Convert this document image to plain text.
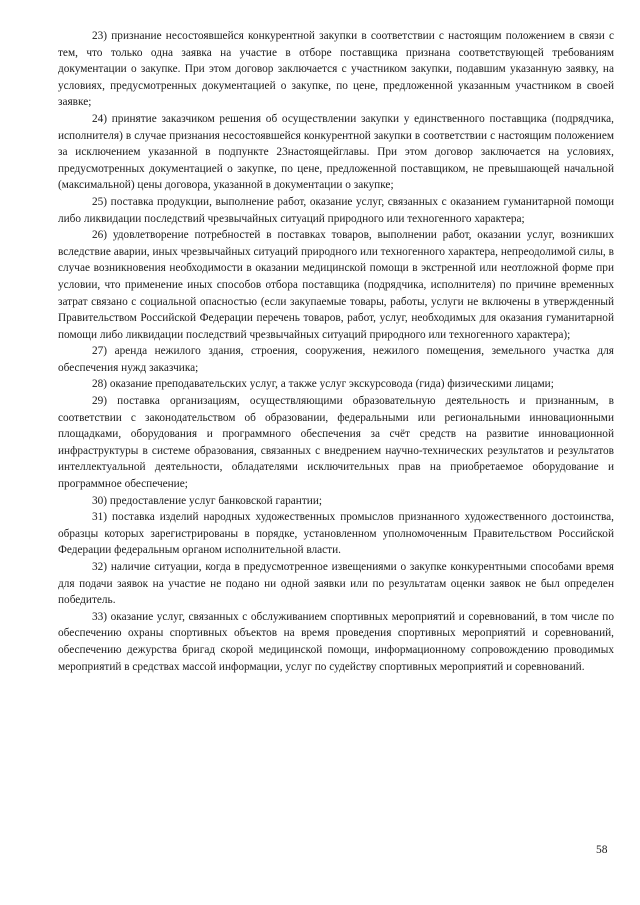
23) признание несостоявшейся конкурентной закупки в соответствии с настоящим положением в связи с тем, что только одна заявка на участие в отборе поставщика признана соответствующей требованиям документации о закупке. При этом договор заключается с участником закупки, подавшим указанную заявку, на условиях, предусмотренных документацией о закупке, по цене, предложенной указанным участником в своей заявке;

24) принятие заказчиком решения об осуществлении закупки у единственного поставщика (подрядчика, исполнителя) в случае признания несостоявшейся конкурентной закупки в соответствии с настоящим положением за исключением указанной в подпункте 23настоящейглавы. При этом договор заключается на условиях, предусмотренных документацией о закупке, по цене, предложенной поставщиком, не превышающей начальной (максимальной) цены договора, указанной в документации о закупке;

25) поставка продукции, выполнение работ, оказание услуг, связанных с оказанием гуманитарной помощи либо ликвидации последствий чрезвычайных ситуаций природного или техногенного характера;

26) удовлетворение потребностей в поставках товаров, выполнении работ, оказании услуг, возникших вследствие аварии, иных чрезвычайных ситуаций природного или техногенного характера, непреодолимой силы, в случае возникновения необходимости в оказании медицинской помощи в экстренной или неотложной форме при условии, что применение иных способов отбора поставщика (подрядчика, исполнителя) по причине временных затрат связано с социальной опасностью (если закупаемые товары, работы, услуги не включены в утвержденный Правительством Российской Федерации перечень товаров, работ, услуг, необходимых для оказания гуманитарной помощи либо ликвидации последствий чрезвычайных ситуаций природного или техногенного характера);

27) аренда нежилого здания, строения, сооружения, нежилого помещения, земельного участка для обеспечения нужд заказчика;

28) оказание преподавательских услуг, а также услуг экскурсовода (гида) физическими лицами;

29) поставка организациям, осуществляющими образовательную деятельность и признанным, в соответствии с законодательством об образовании, федеральными или региональными инновационными площадками, оборудования и программного обеспечения за счёт средств на развитие инновационной инфраструктуры в системе образования, связанных с внедрением научно-технических результатов и результатов интеллектуальной деятельности, обладателями исключительных прав на приобретаемое оборудование и программное обеспечение;

30) предоставление услуг банковской гарантии;

31) поставка изделий народных художественных промыслов признанного художественного достоинства, образцы которых зарегистрированы в порядке, установленном уполномоченным Правительством Российской Федерации федеральным органом исполнительной власти.

32) наличие ситуации, когда в предусмотренное извещениями о закупке конкурентными способами время для подачи заявок на участие не подано ни одной заявки или по результатам оценки заявок не был определен победитель.

33) оказание услуг, связанных с обслуживанием спортивных мероприятий и соревнований, в том числе по обеспечению охраны спортивных объектов на время проведения спортивных мероприятий и соревнований, обеспечению дежурства бригад скорой медицинской помощи, информационному сопровождению проводимых мероприятий в средствах массой информации, услуг по судейству спортивных мероприятий и соревнований.

58
